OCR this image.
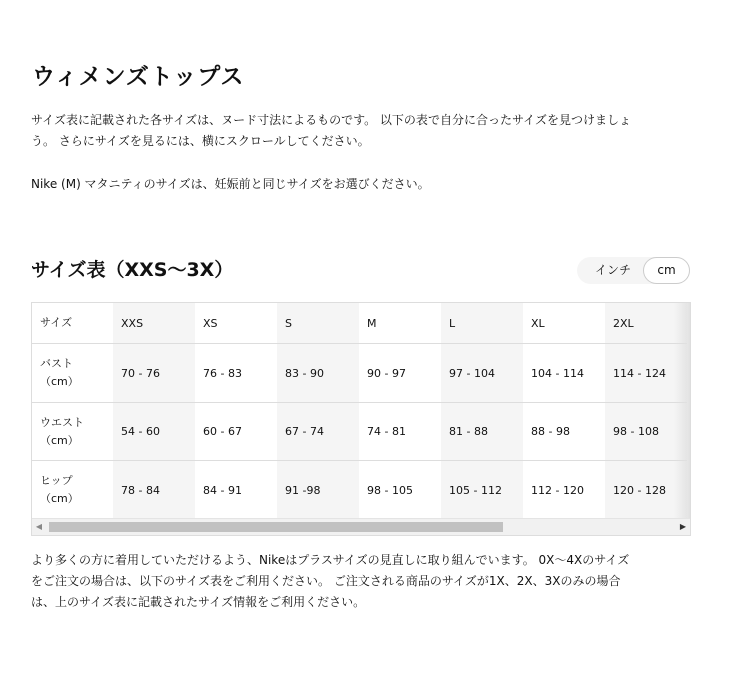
ウィメンズトップス
サイズ表に記載された各サイズは、ヌード寸法によるものです。 以下の表で自分に合ったサイズを見つけましょう。 さらにサイズを見るには、横にスクロールしてください。
Nike (M) マタニティのサイズは、妊娠前と同じサイズをお選びください。
サイズ表（XXS〜3X）	インチ	cm
サイズ	XXS	XS	S	M	L	XL	2XL
バスト
（cm）	70 - 76	76 - 83	83 - 90	90 - 97	97 - 104	104 - 114	114 - 124
ウエスト
（cm）	54 - 60	60 - 67	67 - 74	74 - 81	81 - 88	88 - 98	98 - 108
ヒップ
（cm）	78 - 84	84 - 91	91 -98	98 - 105	105 - 112	112 - 120	120 - 128
◀	▶
より多くの方に着用していただけるよう、Nikeはプラスサイズの見直しに取り組んでいます。 0X〜4Xのサイズをご注文の場合は、以下のサイズ表をご利用ください。 ご注文される商品のサイズが1X、2X、3Xのみの場合は、上のサイズ表に記載されたサイズ情報をご利用ください。
